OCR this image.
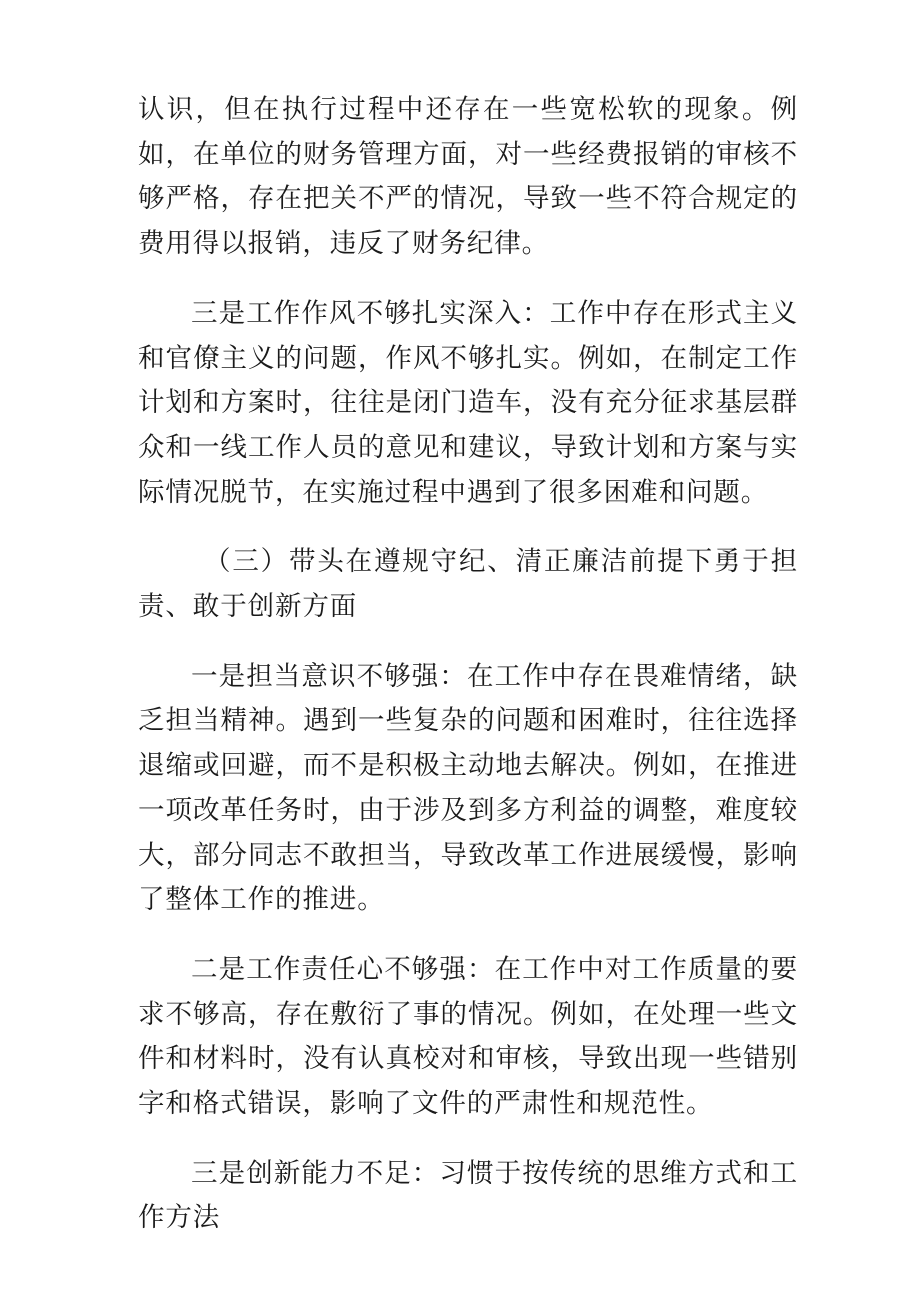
认识，但在执行过程中还存在一些宽松软的现象。例如，在单位的财务管理方面，对一些经费报销的审核不够严格，存在把关不严的情况，导致一些不符合规定的费用得以报销，违反了财务纪律。

三是工作作风不够扎实深入：工作中存在形式主义和官僚主义的问题，作风不够扎实。例如，在制定工作计划和方案时，往往是闭门造车，没有充分征求基层群众和一线工作人员的意见和建议，导致计划和方案与实际情况脱节，在实施过程中遇到了很多困难和问题。

（三）带头在遵规守纪、清正廉洁前提下勇于担责、敢于创新方面

一是担当意识不够强：在工作中存在畏难情绪，缺乏担当精神。遇到一些复杂的问题和困难时，往往选择退缩或回避，而不是积极主动地去解决。例如，在推进一项改革任务时，由于涉及到多方利益的调整，难度较大，部分同志不敢担当，导致改革工作进展缓慢，影响了整体工作的推进。

二是工作责任心不够强：在工作中对工作质量的要求不够高，存在敷衍了事的情况。例如，在处理一些文件和材料时，没有认真校对和审核，导致出现一些错别字和格式错误，影响了文件的严肃性和规范性。

三是创新能力不足：习惯于按传统的思维方式和工作方法
